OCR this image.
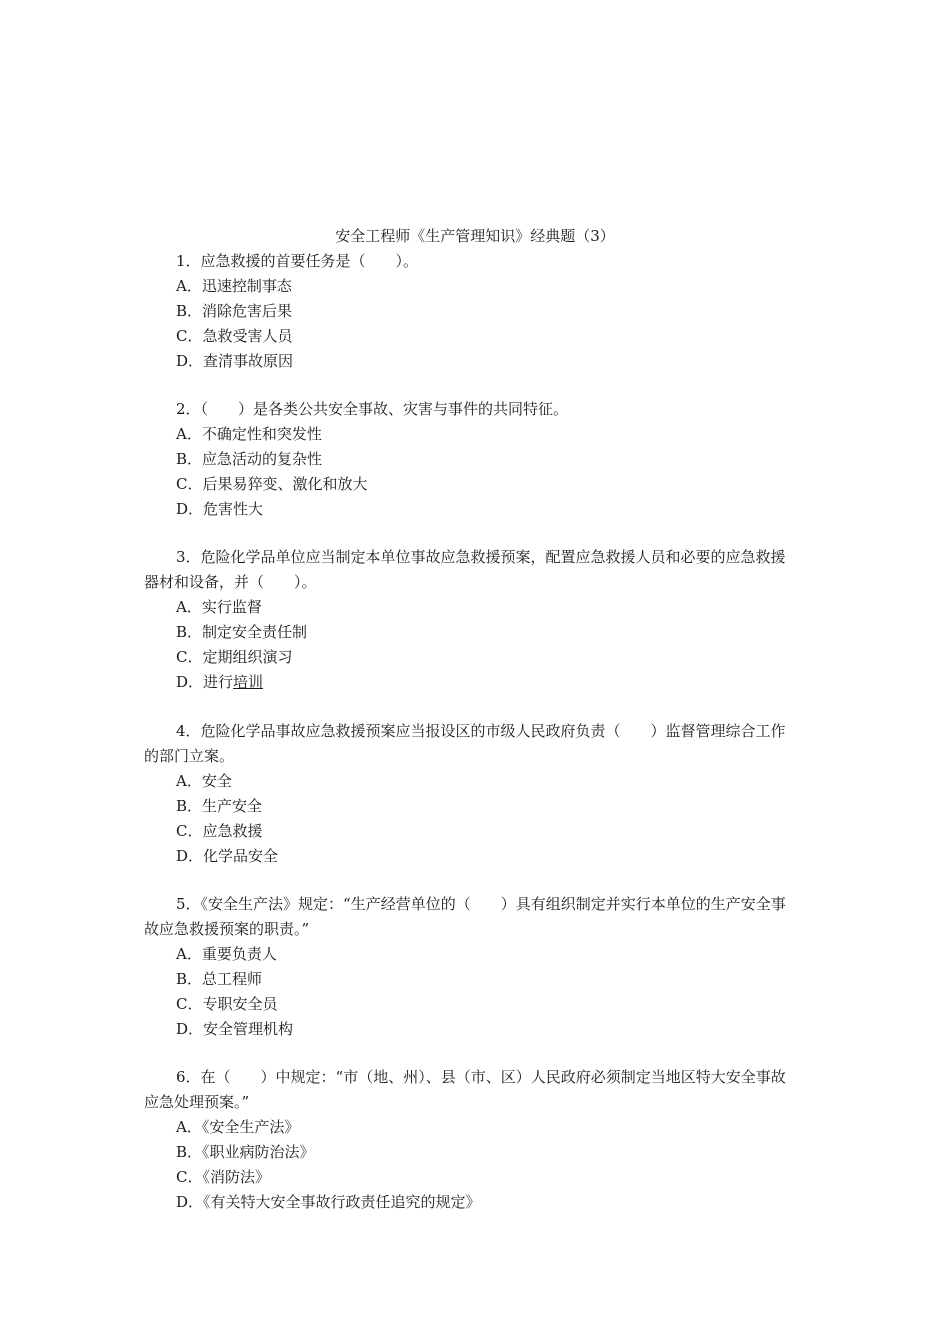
安全工程师《生产管理知识》经典题（3）

1．应急救援的首要任务是（　　）。

A．迅速控制事态

B．消除危害后果

C．急救受害人员

D．查清事故原因

2．（　　）是各类公共安全事故、灾害与事件的共同特征。

A．不确定性和突发性

B．应急活动的复杂性

C．后果易猝变、激化和放大

D．危害性大

3．危险化学品单位应当制定本单位事故应急救援预案，配置应急救援人员和必要的应急救援器材和设备，并（　　）。

A．实行监督

B．制定安全责任制

C．定期组织演习

D．进行培训

4．危险化学品事故应急救援预案应当报设区的市级人民政府负责（　　）监督管理综合工作的部门立案。

A．安全

B．生产安全

C．应急救援

D．化学品安全

5．《安全生产法》规定：“生产经营单位的（　　）具有组织制定并实行本单位的生产安全事故应急救援预案的职责。”

A．重要负责人

B．总工程师

C．专职安全员

D．安全管理机构

6．在（　　）中规定：“市（地、州）、县（市、区）人民政府必须制定当地区特大安全事故应急处理预案。”

A．《安全生产法》

B．《职业病防治法》

C．《消防法》

D．《有关特大安全事故行政责任追究的规定》
